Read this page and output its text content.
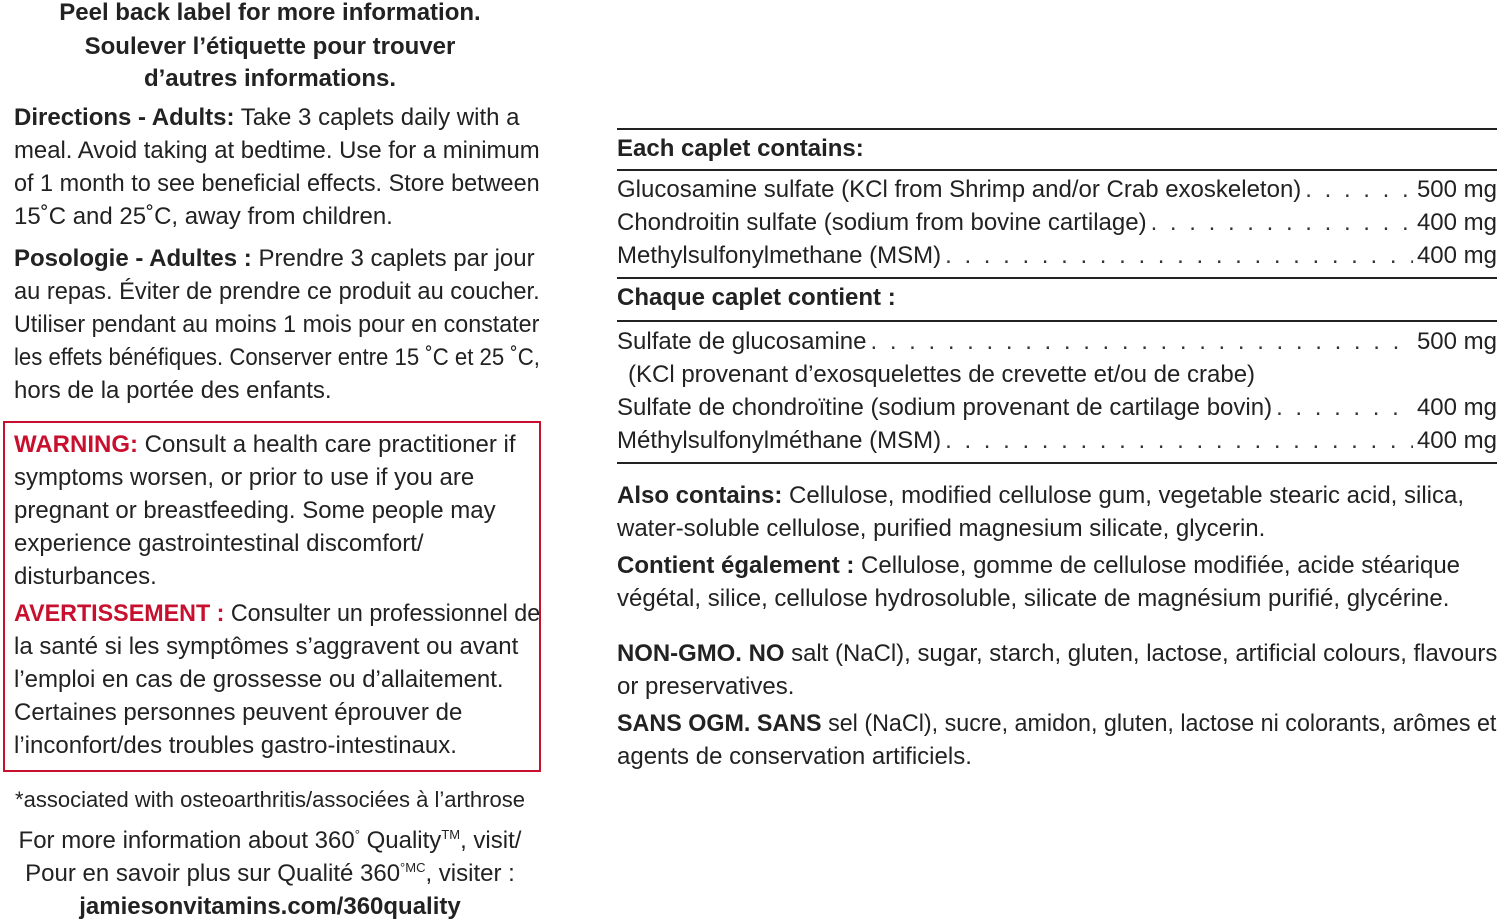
Peel back label for more information.
Soulever l’étiquette pour trouver
d’autres informations.
Directions - Adults: Take 3 caplets daily with a
meal. Avoid taking at bedtime. Use for a minimum
of 1 month to see beneficial effects. Store between
15˚C and 25˚C, away from children.
Posologie - Adultes : Prendre 3 caplets par jour
au repas. Éviter de prendre ce produit au coucher.
Utiliser pendant au moins 1 mois pour en constater
les effets bénéfiques. Conserver entre 15 ˚C et 25 ˚C,
hors de la portée des enfants.
WARNING: Consult a health care practitioner if
symptoms worsen, or prior to use if you are
pregnant or breastfeeding. Some people may
experience gastrointestinal discomfort/
disturbances.
AVERTISSEMENT : Consulter un professionnel de
la santé si les symptômes s’aggravent ou avant
l’emploi en cas de grossesse ou d’allaitement.
Certaines personnes peuvent éprouver de
l’inconfort/des troubles gastro-intestinaux.
*associated with osteoarthritis/associées à l’arthrose
For more information about 360° Quality™, visit/
Pour en savoir plus sur Qualité $360^{^\circ MC}$, visiter :
jamiesonvitamins.com/360quality
Each caplet contains:
Glucosamine sulfate (KCl from Shrimp and/or Crab exoskeleton) . . .	500 mg
Chondroitin sulfate (sodium from bovine cartilage) . . .	400 mg
Methylsulfonylmethane (MSM) . . .	400 mg
Chaque caplet contient :
Sulfate de glucosamine . . .	500 mg
(KCl provenant d’exosquelettes de crevette et/ou de crabe)
Sulfate de chondroïtine (sodium provenant de cartilage bovin) . . .	400 mg
Méthylsulfonylméthane (MSM) . . .	400 mg
Also contains: Cellulose, modified cellulose gum, vegetable stearic acid, silica,
water-soluble cellulose, purified magnesium silicate, glycerin.
Contient également : Cellulose, gomme de cellulose modifiée, acide stéarique
végétal, silice, cellulose hydrosoluble, silicate de magnésium purifié, glycérine.
NON-GMO. NO salt (NaCl), sugar, starch, gluten, lactose, artificial colours, flavours
or preservatives.
SANS OGM. SANS sel (NaCl), sucre, amidon, gluten, lactose ni colorants, arômes et
agents de conservation artificiels.
